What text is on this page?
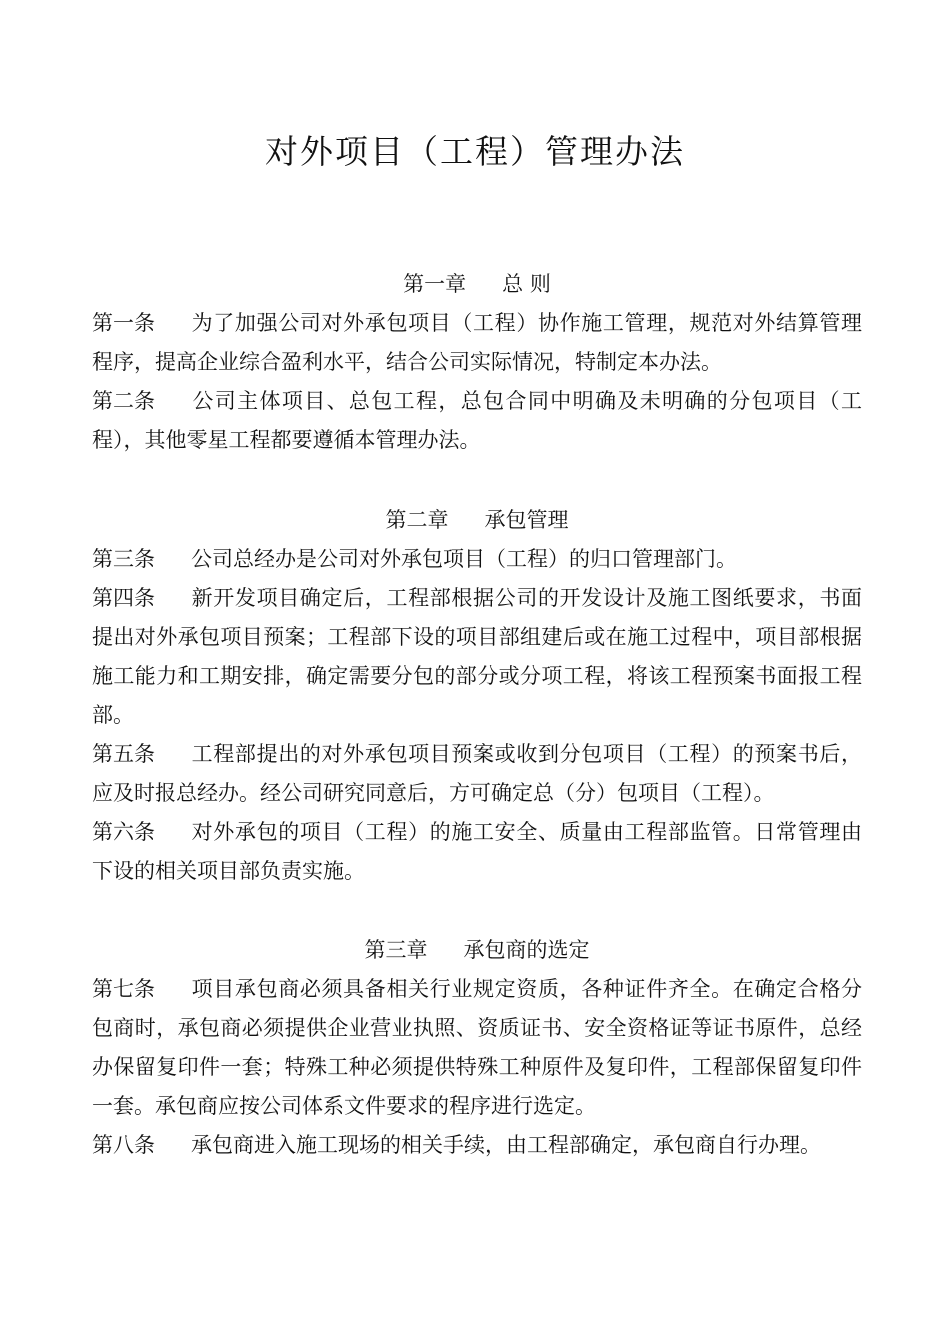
对外项目（工程）管理办法
第一章 总 则

第一条 为了加强公司对外承包项目（工程）协作施工管理，规范对外结算管理程序，提高企业综合盈利水平，结合公司实际情况，特制定本办法。

第二条 公司主体项目、总包工程，总包合同中明确及未明确的分包项目（工程），其他零星工程都要遵循本管理办法。

第二章 承包管理

第三条 公司总经办是公司对外承包项目（工程）的归口管理部门。

第四条 新开发项目确定后，工程部根据公司的开发设计及施工图纸要求，书面提出对外承包项目预案；工程部下设的项目部组建后或在施工过程中，项目部根据施工能力和工期安排，确定需要分包的部分或分项工程，将该工程预案书面报工程部。

第五条 工程部提出的对外承包项目预案或收到分包项目（工程）的预案书后，应及时报总经办。经公司研究同意后，方可确定总（分）包项目（工程）。

第六条 对外承包的项目（工程）的施工安全、质量由工程部监管。日常管理由下设的相关项目部负责实施。

第三章 承包商的选定

第七条 项目承包商必须具备相关行业规定资质，各种证件齐全。在确定合格分包商时，承包商必须提供企业营业执照、资质证书、安全资格证等证书原件，总经办保留复印件一套；特殊工种必须提供特殊工种原件及复印件，工程部保留复印件一套。承包商应按公司体系文件要求的程序进行选定。

第八条 承包商进入施工现场的相关手续，由工程部确定，承包商自行办理。
